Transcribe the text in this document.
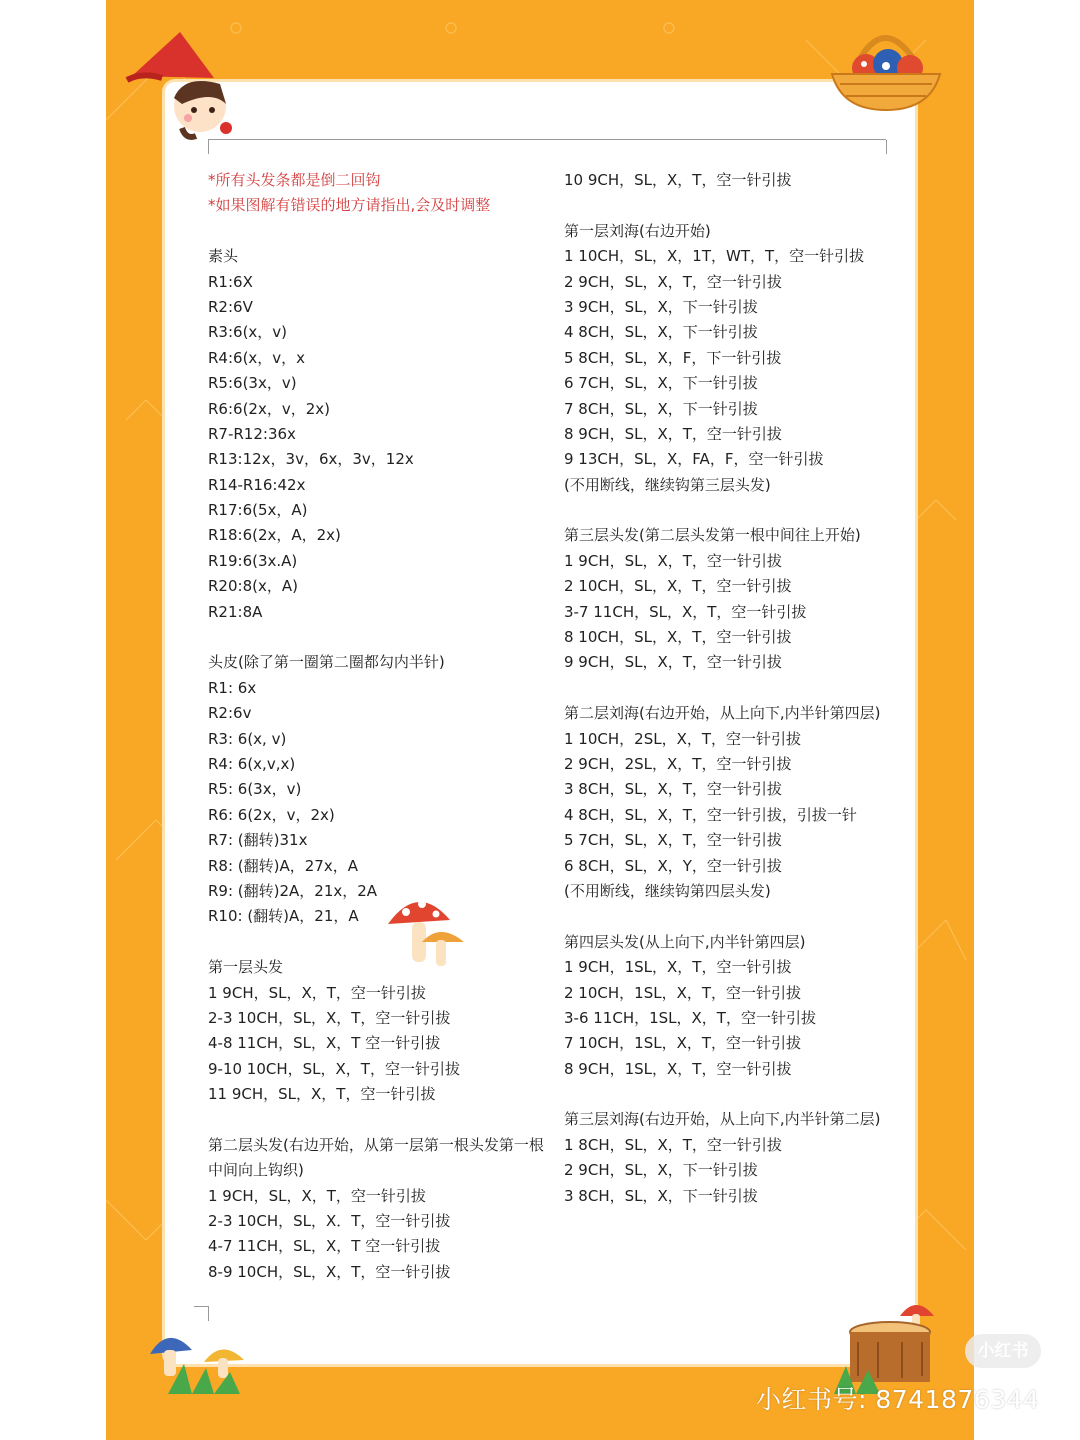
*所有头发条都是倒二回钩
*如果图解有错误的地方请指出,会及时调整
素头
R1:6X
R2:6V
R3:6(x，v)
R4:6(x，v，x
R5:6(3x，v)
R6:6(2x，v，2x)
R7-R12:36x
R13:12x，3v，6x，3v，12x
R14-R16:42x
R17:6(5x，A)
R18:6(2x，A，2x)
R19:6(3x.A)
R20:8(x，A)
R21:8A
头皮(除了第一圈第二圈都勾内半针)
R1: 6x
R2:6v
R3: 6(x, v)
R4: 6(x,v,x)
R5: 6(3x，v)
R6: 6(2x，v，2x)
R7: (翻转)31x
R8: (翻转)A，27x，A
R9: (翻转)2A，21x，2A
R10: (翻转)A，21，A
第一层头发
1 9CH，SL，X，T，空一针引拔
2-3 10CH，SL，X，T，空一针引拔
4-8 11CH，SL，X，T 空一针引拔
9-10 10CH，SL，X，T，空一针引拔
11 9CH，SL，X，T，空一针引拔
第二层头发(右边开始，从第一层第一根头发第一根中间向上钩织)
1 9CH，SL，X，T，空一针引拔
2-3 10CH，SL，X．T，空一针引拔
4-7 11CH，SL，X，T 空一针引拔
8-9 10CH，SL，X，T，空一针引拔
10 9CH，SL，X，T，空一针引拔
第一层刘海(右边开始)
1 10CH，SL，X，1T，WT，T，空一针引拔
2 9CH，SL，X，T，空一针引拔
3 9CH，SL，X，下一针引拔
4 8CH，SL，X，下一针引拔
5 8CH，SL，X，F，下一针引拔
6 7CH，SL，X，下一针引拔
7 8CH，SL，X，下一针引拔
8 9CH，SL，X，T，空一针引拔
9 13CH，SL，X，FA，F，空一针引拔
(不用断线，继续钩第三层头发)
第三层头发(第二层头发第一根中间往上开始)
1 9CH，SL，X，T，空一针引拔
2 10CH，SL，X，T，空一针引拔
3-7 11CH，SL，X，T，空一针引拔
8 10CH，SL，X，T，空一针引拔
9 9CH，SL，X，T，空一针引拔
第二层刘海(右边开始，从上向下,内半针第四层)
1 10CH，2SL，X，T，空一针引拔
2 9CH，2SL，X，T，空一针引拔
3 8CH，SL，X，T，空一针引拔
4 8CH，SL，X，T，空一针引拔，引拔一针
5 7CH，SL，X，T，空一针引拔
6 8CH，SL，X，Y，空一针引拔
(不用断线，继续钩第四层头发)
第四层头发(从上向下,内半针第四层)
1 9CH，1SL，X，T，空一针引拔
2 10CH，1SL，X，T，空一针引拔
3-6 11CH，1SL，X，T，空一针引拔
7 10CH，1SL，X，T，空一针引拔
8 9CH，1SL，X，T，空一针引拔
第三层刘海(右边开始，从上向下,内半针第二层)
1 8CH，SL，X，T，空一针引拔
2 9CH，SL，X，下一针引拔
3 8CH，SL，X，下一针引拔
小红书
小红书号: 8741876344
